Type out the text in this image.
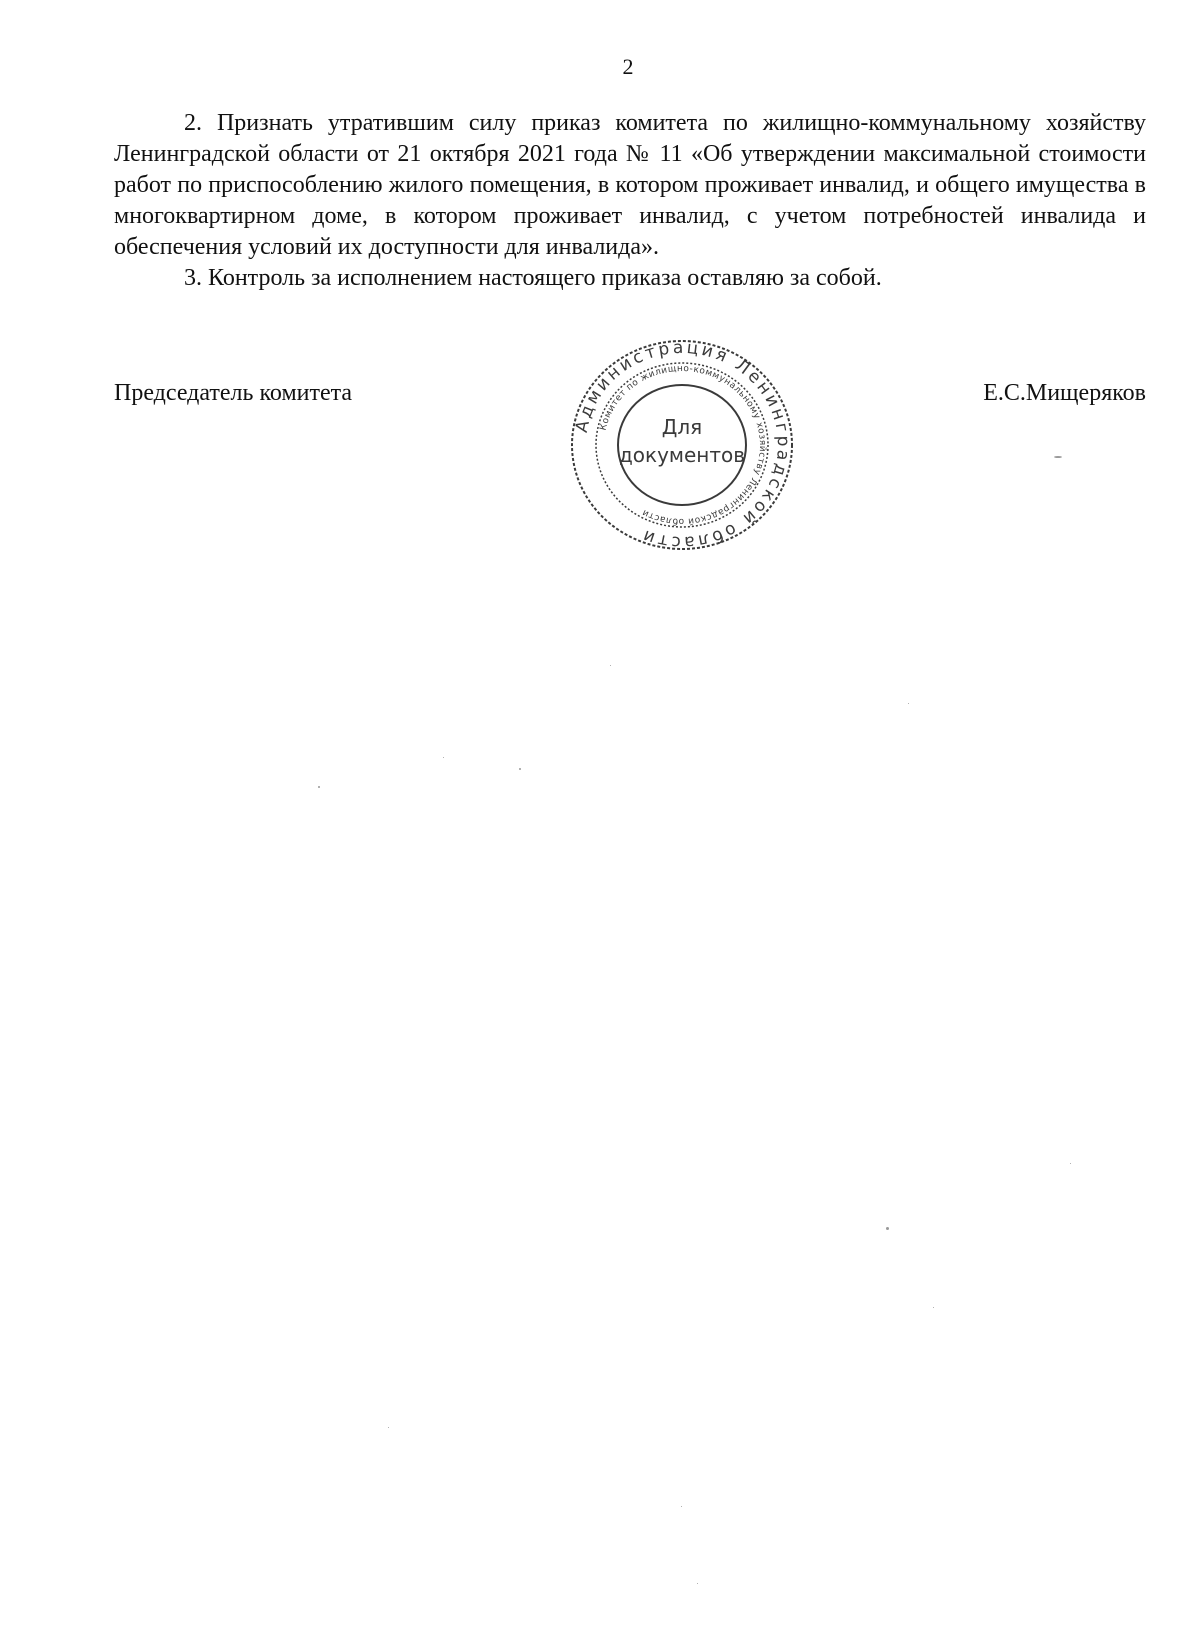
2

2. Признать утратившим силу приказ комитета по жилищно-коммунальному хозяйству Ленинградской области от 21 октября 2021 года № 11 «Об утверждении максимальной стоимости работ по приспособлению жилого помещения, в котором проживает инвалид, и общего имущества в многоквартирном доме, в котором проживает инвалид, с учетом потребностей инвалида и обеспечения условий их доступности для инвалида».

3. Контроль за исполнением настоящего приказа оставляю за собой.

Председатель комитета	Е.С.Мищеряков
Администрация Ленинградской области
Комитет по жилищно-коммунальному хозяйству Ленинградской области
Для
документов
